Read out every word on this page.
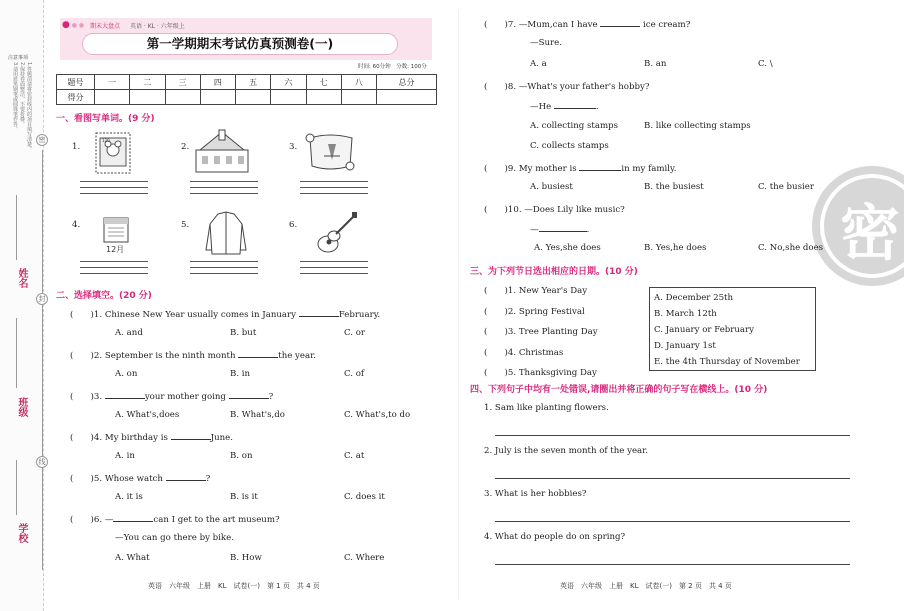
注意事项
1.答题前请将密封线内的项目填写清楚。
2.保持卷面整洁，不要折叠。
3.请用蓝黑钢笔或圆珠笔作答。
密
封
线
姓名
班级
学校
● ● ● 期末大盘点 英语 · KL · 六年级上
第一学期期末考试仿真预测卷(一)
时间: 60分钟　分数: 100分
题号	一	二	三	四	五	六	七	八	总分
得分									
一、看图写单词。(9 分)
1.
120
2.	3.
4.
12月
5.	6.
二、选择填空。(20 分)
(　　)1. Chinese New Year usually comes in January	February.
A. and	B. but	C. or
(　　)2. September is the ninth month	the year.
A. on	B. in	C. of
(　　)3.	your mother going	?
A. What's,does	B. What's,do	C. What's,to do
(　　)4. My birthday is	June.
A. in	B. on	C. at
(　　)5. Whose watch	?
A. it is	B. is it	C. does it
(　　)6. —	can I get to the art museum?
—You can go there by bike.
A. What	B. How	C. Where
英语　六年级　上册　KL　试卷(一)　第 1 页　共 4 页
密
(　　)7. —Mum,can I have	ice cream?
—Sure.
A. a	B. an	C. \
(　　)8. —What's your father's hobby?
—He	.
A. collecting stamps	B. like collecting stamps
C. collects stamps
(　　)9. My mother is	in my family.
A. busiest	B. the busiest	C. the busier
(　　)10. —Does Lily like music?
—	.
A. Yes,she does	B. Yes,he does	C. No,she does
三、为下列节日选出相应的日期。(10 分)
(　　)1. New Year's Day
(　　)2. Spring Festival
(　　)3. Tree Planting Day
(　　)4. Christmas
(　　)5. Thanksgiving Day
A. December 25th
B. March 12th
C. January or February
D. January 1st
E. the 4th Thursday of November
四、下列句子中均有一处错误,请圈出并将正确的句子写在横线上。(10 分)
1. Sam like planting flowers.
2. July is the seven month of the year.
3. What is her hobbies?
4. What do people do on spring?
英语　六年级　上册　KL　试卷(一)　第 2 页　共 4 页
